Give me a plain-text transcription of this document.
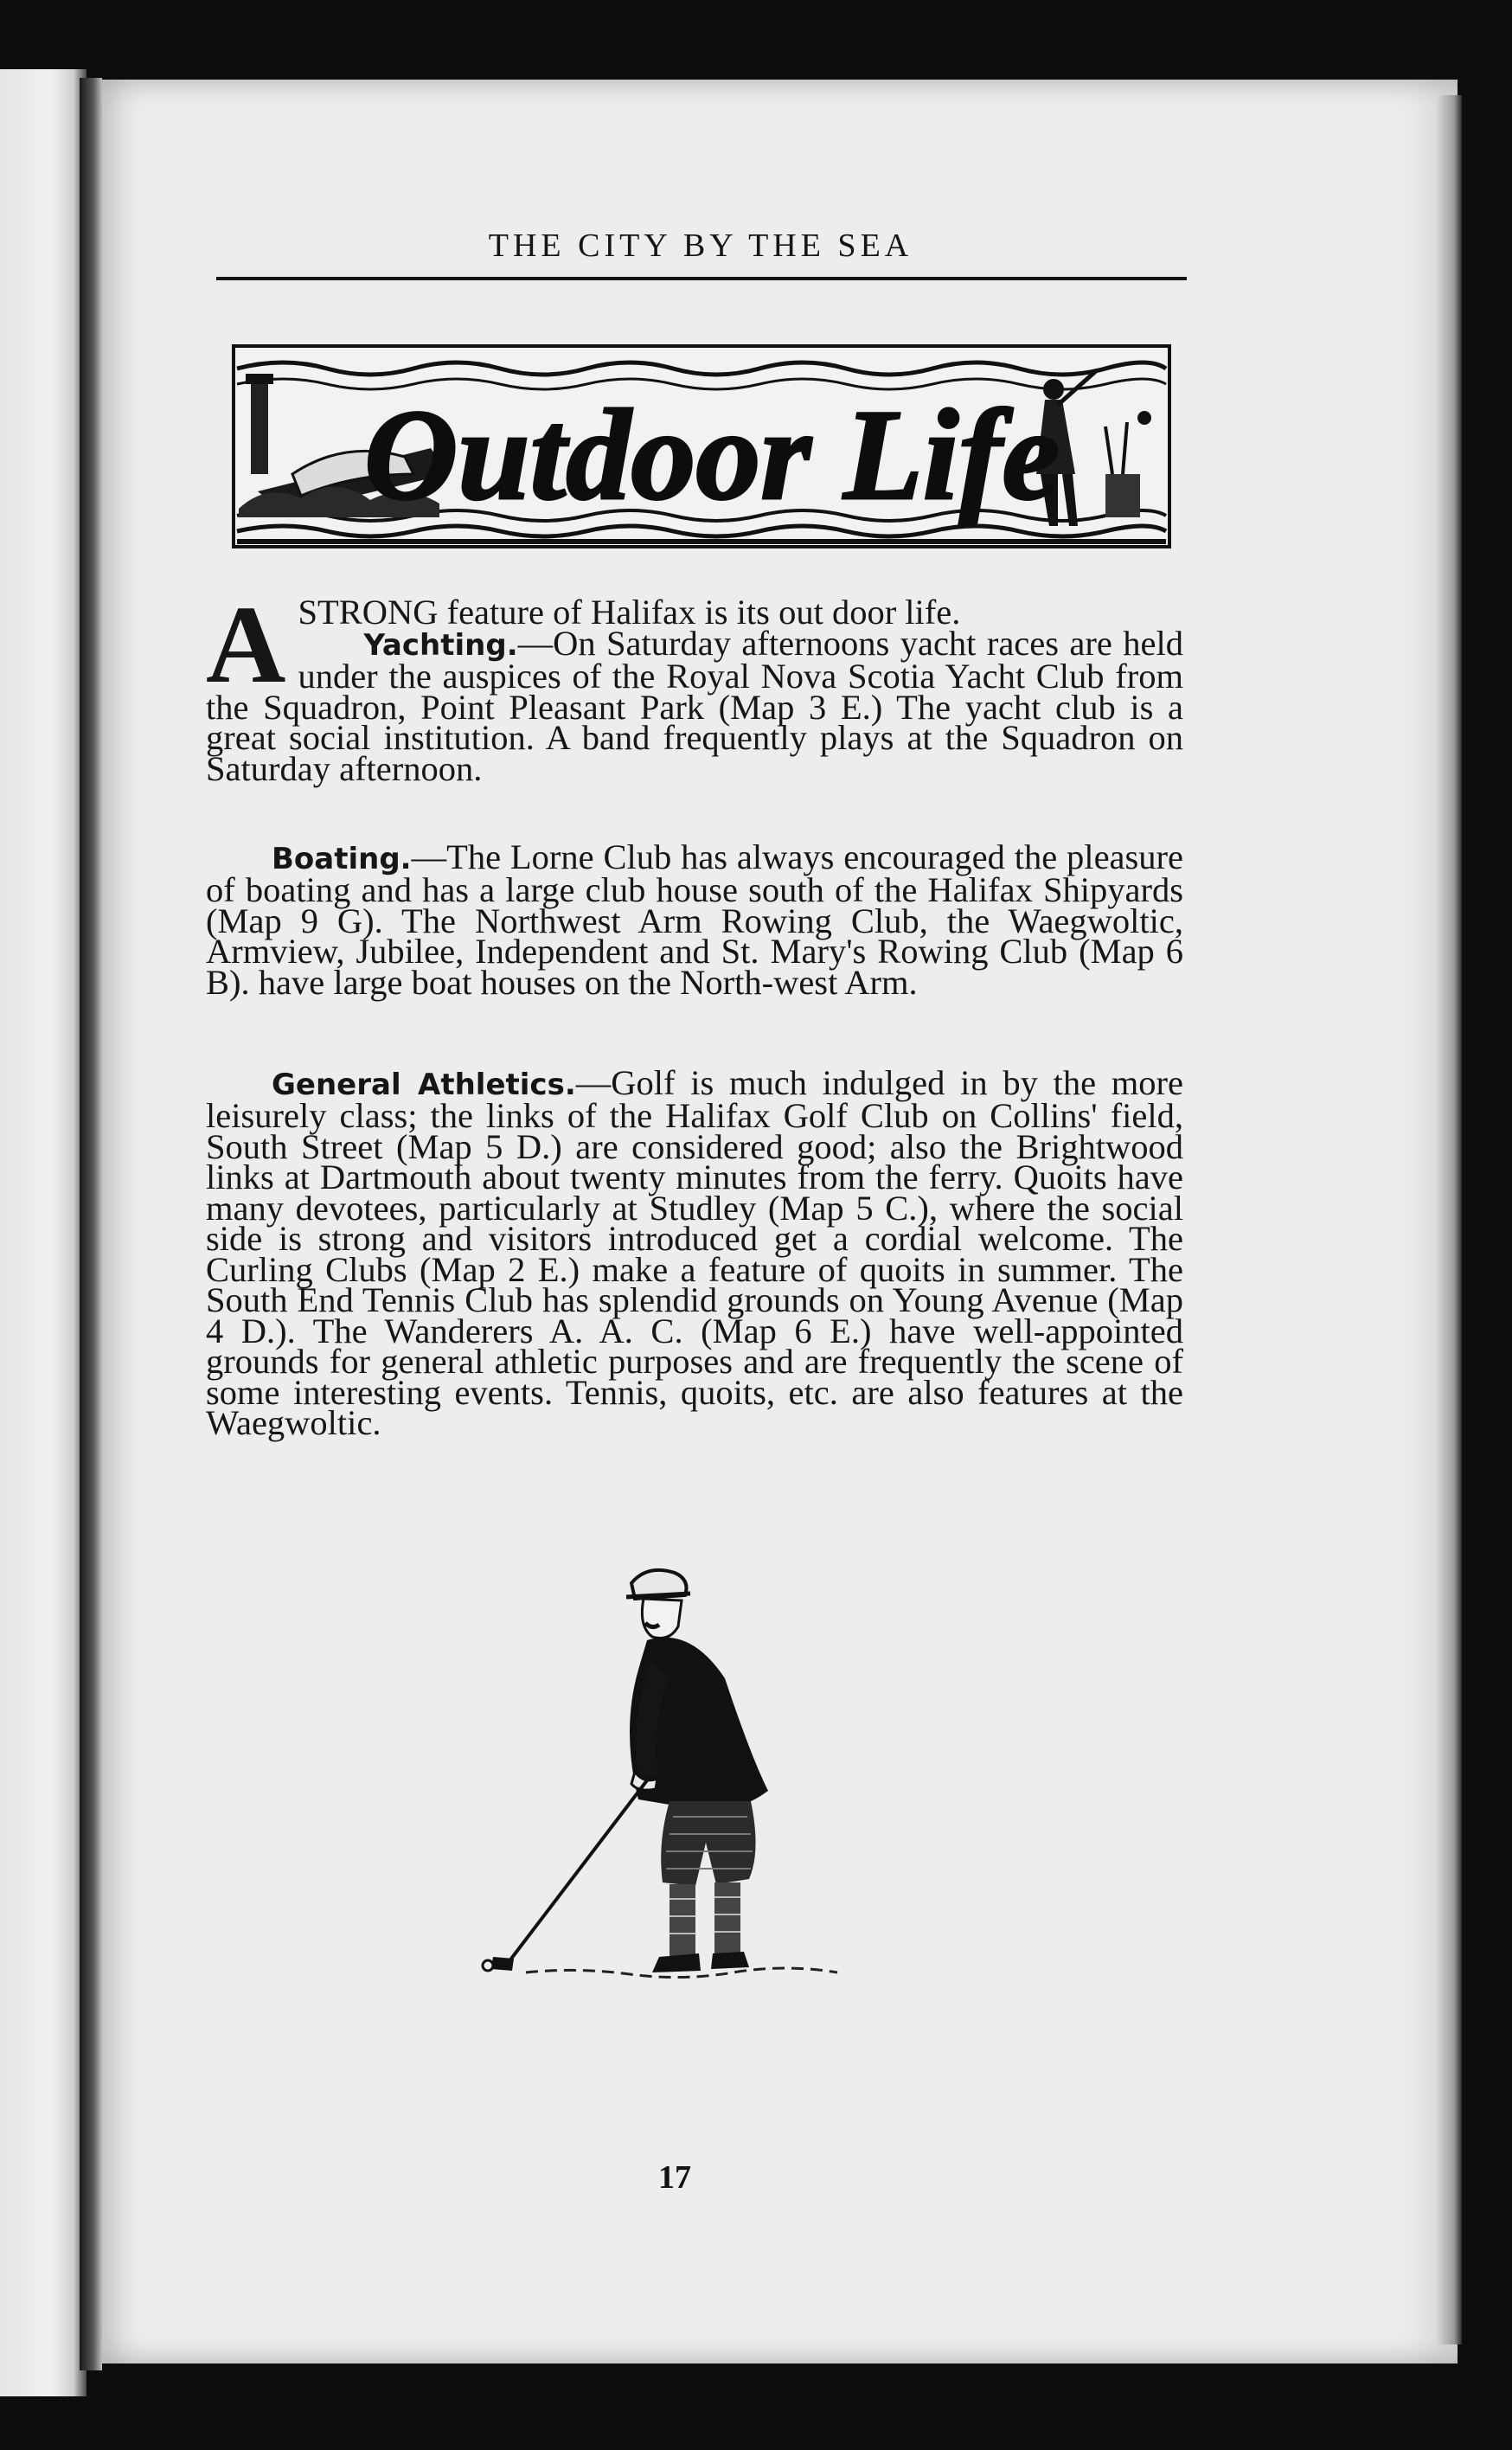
THE CITY BY THE SEA
Outdoor Life
A STRONG feature of Halifax is its out door life.
Yachting.—On Saturday afternoons yacht races are held under the auspices of the Royal Nova Scotia Yacht Club from the Squadron, Point Pleasant Park (Map 3 E.) The yacht club is a great social institution. A band frequently plays at the Squadron on Saturday afternoon.

Boating.—The Lorne Club has always encouraged the pleasure of boating and has a large club house south of the Halifax Shipyards (Map 9 G). The Northwest Arm Rowing Club, the Waegwoltic, Armview, Jubilee, Independent and St. Mary's Rowing Club (Map 6 B). have large boat houses on the North-west Arm.

General Athletics.—Golf is much indulged in by the more leisurely class; the links of the Halifax Golf Club on Collins' field, South Street (Map 5 D.) are considered good; also the Brightwood links at Dartmouth about twenty minutes from the ferry. Quoits have many devotees, particularly at Studley (Map 5 C.), where the social side is strong and visitors introduced get a cordial welcome. The Curling Clubs (Map 2 E.) make a feature of quoits in summer. The South End Tennis Club has splendid grounds on Young Avenue (Map 4 D.). The Wanderers A. A. C. (Map 6 E.) have well-appointed grounds for general athletic purposes and are frequently the scene of some interesting events. Tennis, quoits, etc. are also features at the Waegwoltic.

17
